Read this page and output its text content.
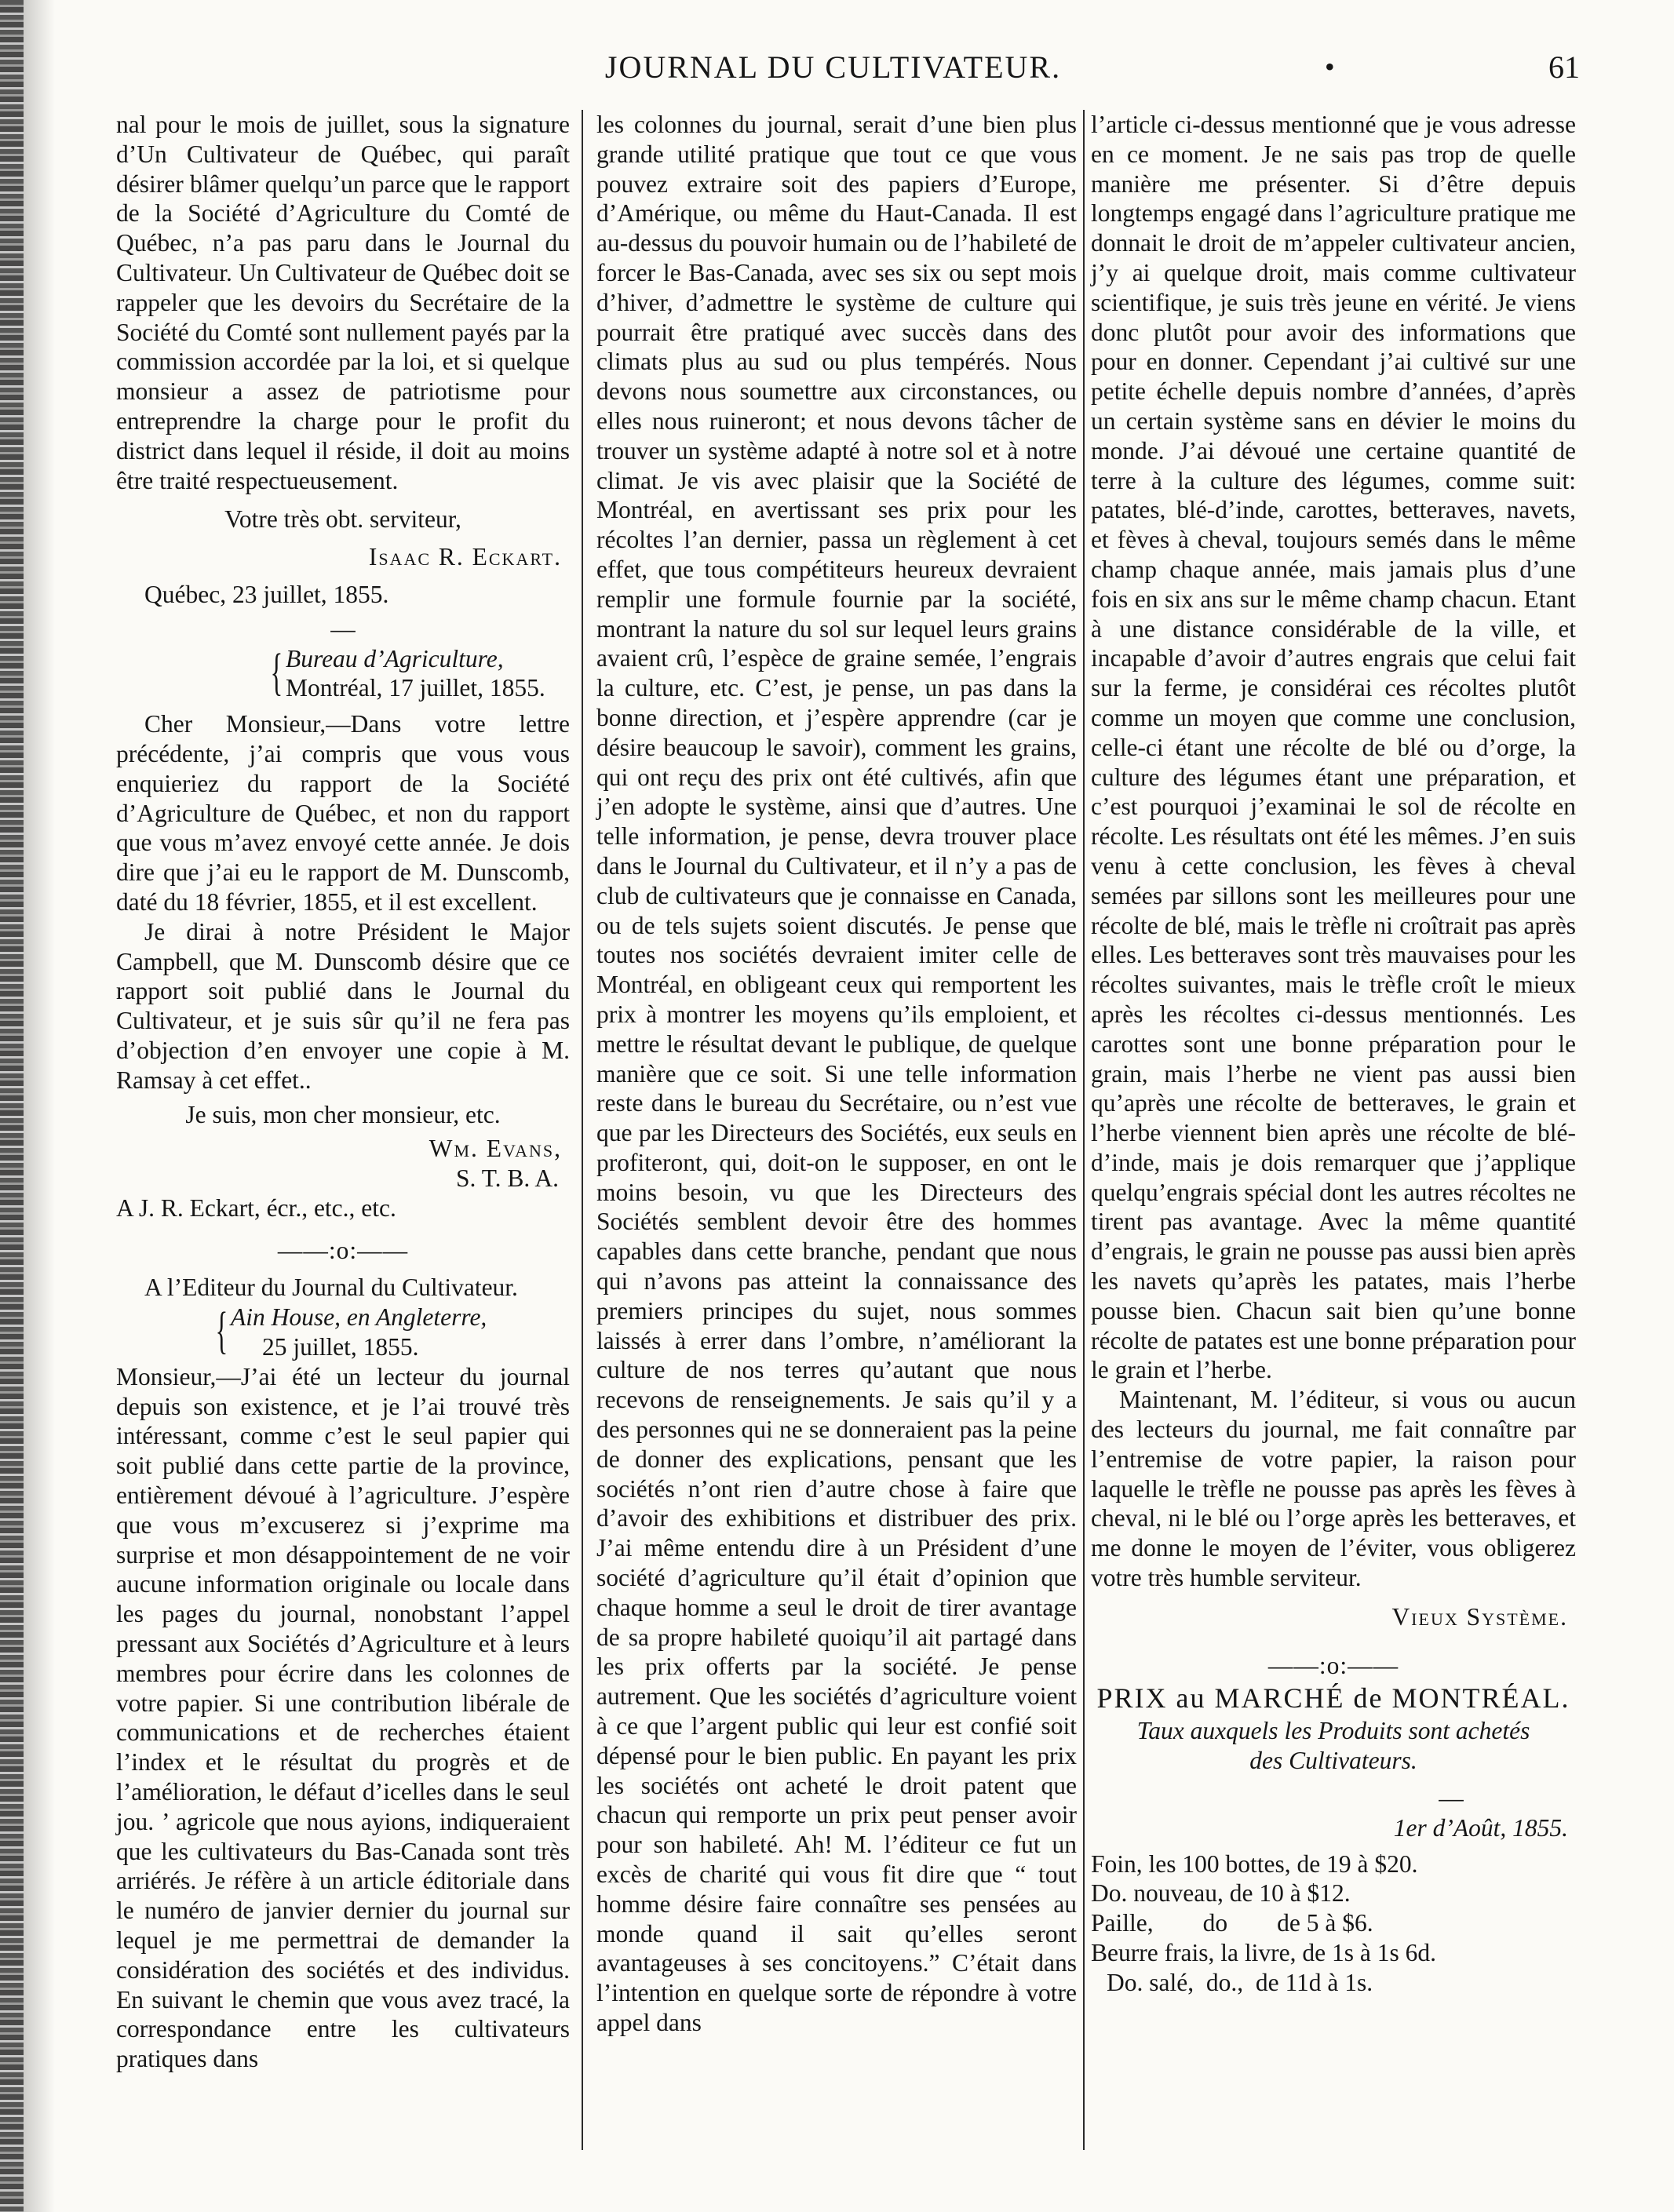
JOURNAL DU CULTIVATEUR.	•	61

nal pour le mois de juillet, sous la signature d’Un Cultivateur de Québec, qui paraît désirer blâmer quelqu’un parce que le rapport de la Société d’Agriculture du Comté de Québec, n’a pas paru dans le Journal du Cultivateur. Un Cultivateur de Québec doit se rappeler que les devoirs du Secrétaire de la Société du Comté sont nullement payés par la commission accordée par la loi, et si quelque monsieur a assez de patriotisme pour entreprendre la charge pour le profit du district dans lequel il réside, il doit au moins être traité respectueusement.

Votre très obt. serviteur,

Isaac R. Eckart.

Québec, 23 juillet, 1855.

—

{ Bureau d’Agriculture,
Montréal, 17 juillet, 1855.

Cher Monsieur,—Dans votre lettre précédente, j’ai compris que vous vous enquieriez du rapport de la Société d’Agriculture de Québec, et non du rapport que vous m’avez envoyé cette année. Je dois dire que j’ai eu le rapport de M. Dunscomb, daté du 18 février, 1855, et il est excellent.

Je dirai à notre Président le Major Campbell, que M. Dunscomb désire que ce rapport soit publié dans le Journal du Cultivateur, et je suis sûr qu’il ne fera pas d’objection d’en envoyer une copie à M. Ramsay à cet effet..

Je suis, mon cher monsieur, etc.

Wm. Evans,

S. T. B. A.

A J. R. Eckart, écr., etc., etc.

——:o:——

A l’Editeur du Journal du Cultivateur.

{ Ain House, en Angleterre,
25 juillet, 1855.

Monsieur,—J’ai été un lecteur du journal depuis son existence, et je l’ai trouvé très intéressant, comme c’est le seul papier qui soit publié dans cette partie de la province, entièrement dévoué à l’agriculture. J’espère que vous m’excuserez si j’exprime ma surprise et mon désappointement de ne voir aucune information originale ou locale dans les pages du journal, nonobstant l’appel pressant aux Sociétés d’Agriculture et à leurs membres pour écrire dans les colonnes de votre papier. Si une contribution libérale de communications et de recherches étaient l’index et le résultat du progrès et de l’amélioration, le défaut d’icelles dans le seul jou. ’ agricole que nous ayions, indiqueraient que les cultivateurs du Bas-Canada sont très arriérés. Je réfère à un article éditoriale dans le numéro de janvier dernier du journal sur lequel je me permettrai de demander la considération des sociétés et des individus. En suivant le chemin que vous avez tracé, la correspondance entre les cultivateurs pratiques dans

les colonnes du journal, serait d’une bien plus grande utilité pratique que tout ce que vous pouvez extraire soit des papiers d’Europe, d’Amérique, ou même du Haut-Canada. Il est au-dessus du pouvoir humain ou de l’habileté de forcer le Bas-Canada, avec ses six ou sept mois d’hiver, d’admettre le système de culture qui pourrait être pratiqué avec succès dans des climats plus au sud ou plus tempérés. Nous devons nous soumettre aux circonstances, ou elles nous ruineront; et nous devons tâcher de trouver un système adapté à notre sol et à notre climat. Je vis avec plaisir que la Société de Montréal, en avertissant ses prix pour les récoltes l’an dernier, passa un règlement à cet effet, que tous compétiteurs heureux devraient remplir une formule fournie par la société, montrant la nature du sol sur lequel leurs grains avaient crû, l’espèce de graine semée, l’engrais la culture, etc. C’est, je pense, un pas dans la bonne direction, et j’espère apprendre (car je désire beaucoup le savoir), comment les grains, qui ont reçu des prix ont été cultivés, afin que j’en adopte le système, ainsi que d’autres. Une telle information, je pense, devra trouver place dans le Journal du Cultivateur, et il n’y a pas de club de cultivateurs que je connaisse en Canada, ou de tels sujets soient discutés. Je pense que toutes nos sociétés devraient imiter celle de Montréal, en obligeant ceux qui remportent les prix à montrer les moyens qu’ils emploient, et mettre le résultat devant le publique, de quelque manière que ce soit. Si une telle information reste dans le bureau du Secrétaire, ou n’est vue que par les Directeurs des Sociétés, eux seuls en profiteront, qui, doit-on le supposer, en ont le moins besoin, vu que les Directeurs des Sociétés semblent devoir être des hommes capables dans cette branche, pendant que nous qui n’avons pas atteint la connaissance des premiers principes du sujet, nous sommes laissés à errer dans l’ombre, n’améliorant la culture de nos terres qu’autant que nous recevons de renseignements. Je sais qu’il y a des personnes qui ne se donneraient pas la peine de donner des explications, pensant que les sociétés n’ont rien d’autre chose à faire que d’avoir des exhibitions et distribuer des prix. J’ai même entendu dire à un Président d’une société d’agriculture qu’il était d’opinion que chaque homme a seul le droit de tirer avantage de sa propre habileté quoiqu’il ait partagé dans les prix offerts par la société. Je pense autrement. Que les sociétés d’agriculture voient à ce que l’argent public qui leur est confié soit dépensé pour le bien public. En payant les prix les sociétés ont acheté le droit patent que chacun qui remporte un prix peut penser avoir pour son habileté. Ah! M. l’éditeur ce fut un excès de charité qui vous fit dire que “ tout homme désire faire connaître ses pensées au monde quand il sait qu’elles seront avantageuses à ses concitoyens.” C’était dans l’intention en quelque sorte de répondre à votre appel dans

l’article ci-dessus mentionné que je vous adresse en ce moment. Je ne sais pas trop de quelle manière me présenter. Si d’être depuis longtemps engagé dans l’agriculture pratique me donnait le droit de m’appeler cultivateur ancien, j’y ai quelque droit, mais comme cultivateur scientifique, je suis très jeune en vérité. Je viens donc plutôt pour avoir des informations que pour en donner. Cependant j’ai cultivé sur une petite échelle depuis nombre d’années, d’après un certain système sans en dévier le moins du monde. J’ai dévoué une certaine quantité de terre à la culture des légumes, comme suit: patates, blé-d’inde, carottes, betteraves, navets, et fèves à cheval, toujours semés dans le même champ chaque année, mais jamais plus d’une fois en six ans sur le même champ chacun. Etant à une distance considérable de la ville, et incapable d’avoir d’autres engrais que celui fait sur la ferme, je considérai ces récoltes plutôt comme un moyen que comme une conclusion, celle-ci étant une récolte de blé ou d’orge, la culture des légumes étant une préparation, et c’est pourquoi j’examinai le sol de récolte en récolte. Les résultats ont été les mêmes. J’en suis venu à cette conclusion, les fèves à cheval semées par sillons sont les meilleures pour une récolte de blé, mais le trèfle ni croîtrait pas après elles. Les betteraves sont très mauvaises pour les récoltes suivantes, mais le trèfle croît le mieux après les récoltes ci-dessus mentionnés. Les carottes sont une bonne préparation pour le grain, mais l’herbe ne vient pas aussi bien qu’après une récolte de betteraves, le grain et l’herbe viennent bien après une récolte de blé-d’inde, mais je dois remarquer que j’applique quelqu’engrais spécial dont les autres récoltes ne tirent pas avantage. Avec la même quantité d’engrais, le grain ne pousse pas aussi bien après les navets qu’après les patates, mais l’herbe pousse bien. Chacun sait bien qu’une bonne récolte de patates est une bonne préparation pour le grain et l’herbe.

Maintenant, M. l’éditeur, si vous ou aucun des lecteurs du journal, me fait connaître par l’entremise de votre papier, la raison pour laquelle le trèfle ne pousse pas après les fèves à cheval, ni le blé ou l’orge après les betteraves, et me donne le moyen de l’éviter, vous obligerez votre très humble serviteur.

Vieux Système.

——:o:——

PRIX au MARCHÉ de MONTRÉAL.

Taux auxquels les Produits sont achetés

des Cultivateurs.

—

1er d’Août, 1855.

Foin, les 100 bottes, de 19 à $20.

Do. nouveau, de 10 à $12.

Paille,        do        de 5 à $6.

Beurre frais, la livre, de 1s à 1s 6d.

Do. salé,  do.,  de 11d à 1s.
